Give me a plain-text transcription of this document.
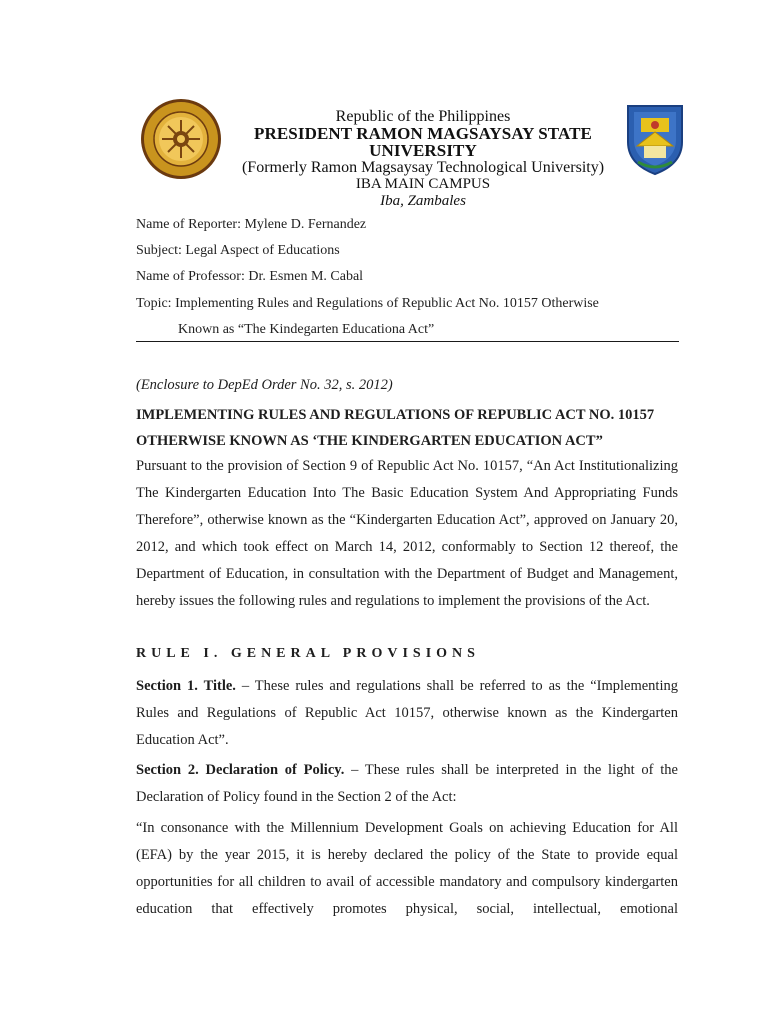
Republic of the Philippines
PRESIDENT RAMON MAGSAYSAY STATE UNIVERSITY
(Formerly Ramon Magsaysay Technological University)
IBA MAIN CAMPUS
Iba, Zambales
Name of Reporter: Mylene D. Fernandez
Subject: Legal Aspect of Educations
Name of Professor: Dr. Esmen M. Cabal
Topic: Implementing Rules and Regulations of Republic Act No. 10157 Otherwise
Known as “The Kindegarten Educationa Act”
(Enclosure to DepEd Order No. 32, s. 2012)
IMPLEMENTING RULES AND REGULATIONS OF REPUBLIC ACT NO. 10157
OTHERWISE KNOWN AS ‘THE KINDERGARTEN EDUCATION ACT”
Pursuant to the provision of Section 9 of Republic Act No. 10157, “An Act Institutionalizing The Kindergarten Education Into The Basic Education System And Appropriating Funds Therefore”, otherwise known as the “Kindergarten Education Act”, approved on January 20, 2012, and which took effect on March 14, 2012, conformably to Section 12 thereof, the Department of Education, in consultation with the Department of Budget and Management, hereby issues the following rules and regulations to implement the provisions of the Act.
RULE I. GENERAL PROVISIONS
Section 1. Title. – These rules and regulations shall be referred to as the “Implementing Rules and Regulations of Republic Act 10157, otherwise known as the Kindergarten Education Act”.
Section 2. Declaration of Policy. – These rules shall be interpreted in the light of the Declaration of Policy found in the Section 2 of the Act:
“In consonance with the Millennium Development Goals on achieving Education for All (EFA) by the year 2015, it is hereby declared the policy of the State to provide equal opportunities for all children to avail of accessible mandatory and compulsory kindergarten education that effectively promotes physical, social, intellectual, emotional
